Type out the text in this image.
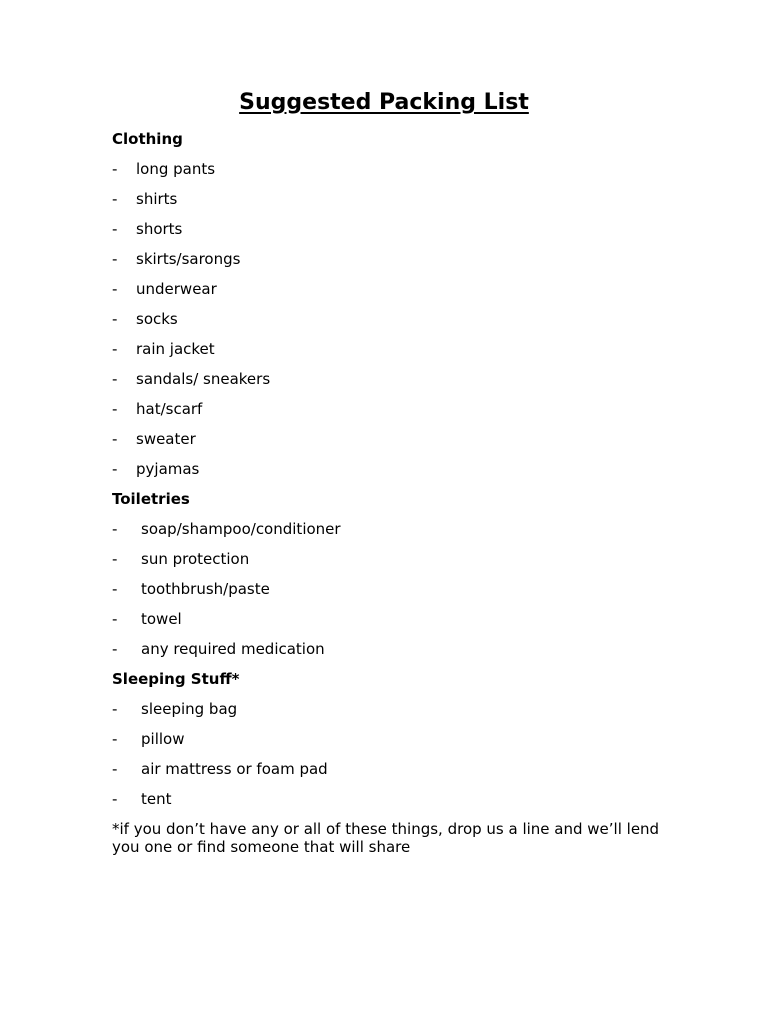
Suggested Packing List
Clothing
- long pants
- shirts
- shorts
- skirts/sarongs
- underwear
- socks
- rain jacket
- sandals/ sneakers
- hat/scarf
- sweater
- pyjamas
Toiletries
- soap/shampoo/conditioner
- sun protection
- toothbrush/paste
- towel
- any required medication
Sleeping Stuff*
- sleeping bag
- pillow
- air mattress or foam pad
- tent

*if you don’t have any or all of these things, drop us a line and we’ll lend you one or find someone that will share
